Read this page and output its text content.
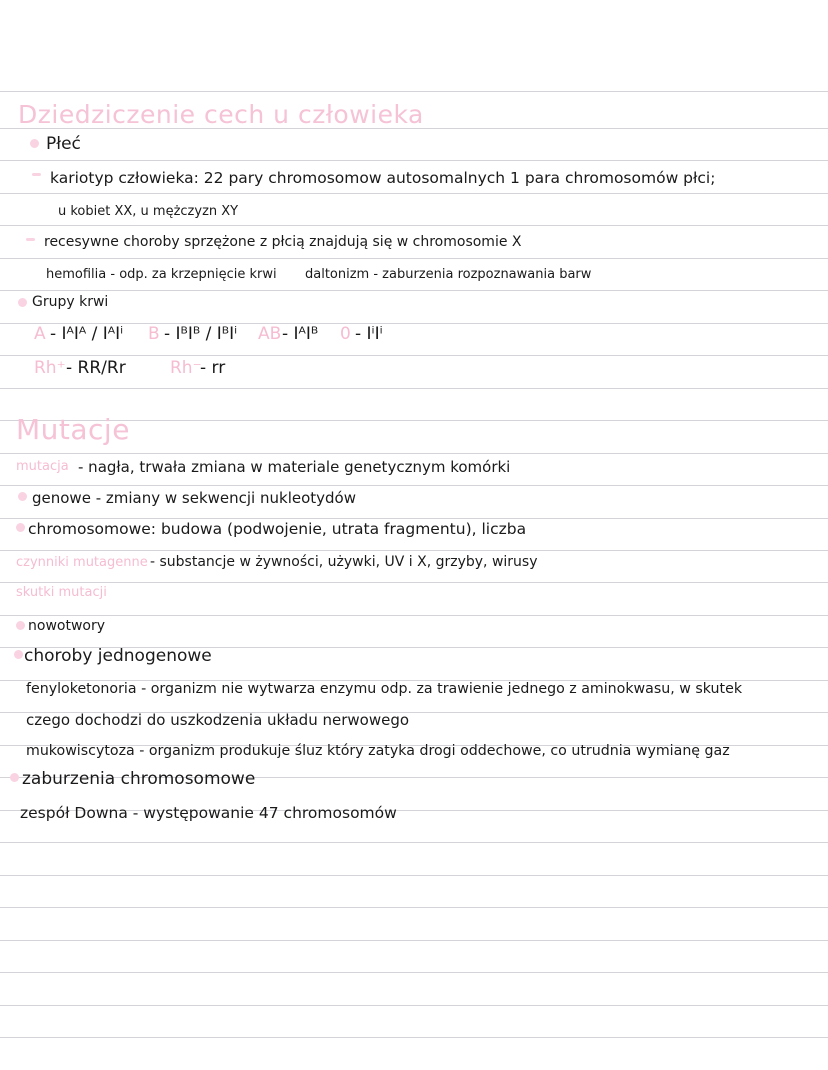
Dziedziczenie cech u człowieka
Płeć
kariotyp człowieka: 22 pary chromosomow autosomalnych 1 para chromosomów płci;
u kobiet XX, u mężczyzn XY
recesywne choroby sprzężone z płcią znajdują się w chromosomie X
hemofilia - odp. za krzepnięcie krwi daltonizm - zaburzenia rozpoznawania barw
Grupy krwi
A - IᴬIᴬ / IᴬIⁱ B - IᴮIᴮ / IᴮIⁱ AB - IᴬIᴮ 0 - IⁱIⁱ
Rh⁺ - RR/Rr	Rh⁻
- rr
Mutacje
mutacja - nagła, trwała zmiana w materiale genetycznym komórki
genowe - zmiany w sekwencji nukleotydów
chromosomowe: budowa (podwojenie, utrata fragmentu), liczba
czynniki mutagenne - substancje w żywności, używki, UV i X, grzyby, wirusy
skutki mutacji
nowotwory
choroby jednogenowe
fenyloketonoria - organizm nie wytwarza enzymu odp. za trawienie jednego z aminokwasu, w skutek
czego dochodzi do uszkodzenia układu nerwowego
mukowiscytoza - organizm produkuje śluz który zatyka drogi oddechowe, co utrudnia wymianę gaz
zaburzenia chromosomowe
zespół Downa - występowanie 47 chromosomów
